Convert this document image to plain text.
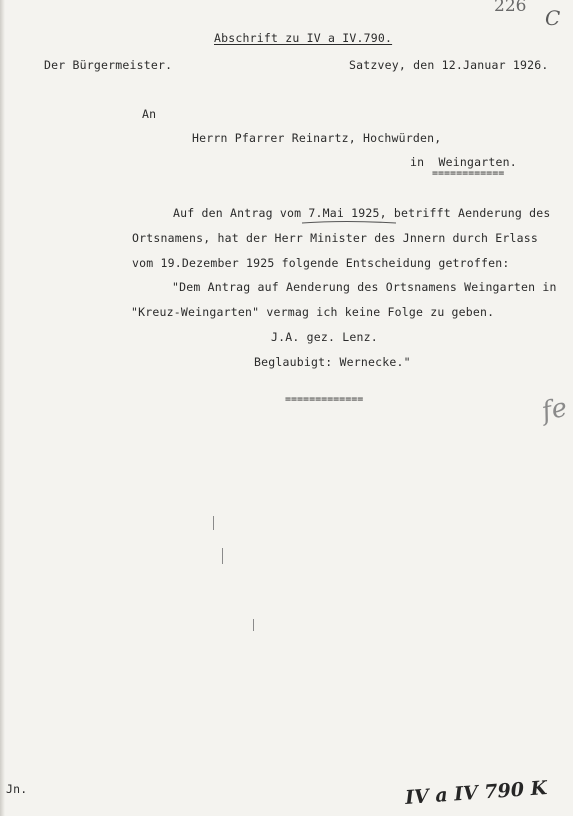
226 C
Abschrift zu IV a IV.790.
Der Bürgermeister.	Satzvey, den 12.Januar 1926.
An
Herrn Pfarrer Reinartz, Hochwürden,
in  Weingarten.
============
Auf den Antrag vom 7.Mai 1925, betrifft Aenderung des
Ortsnamens, hat der Herr Minister des Jnnern durch Erlass
vom 19.Dezember 1925 folgende Entscheidung getroffen:
"Dem Antrag auf Aenderung des Ortsnamens Weingarten in
"Kreuz-Weingarten" vermag ich keine Folge zu geben.
J.A. gez. Lenz.
Beglaubigt: Wernecke."
=============	fe
Jn.	IV a IV 790 K
